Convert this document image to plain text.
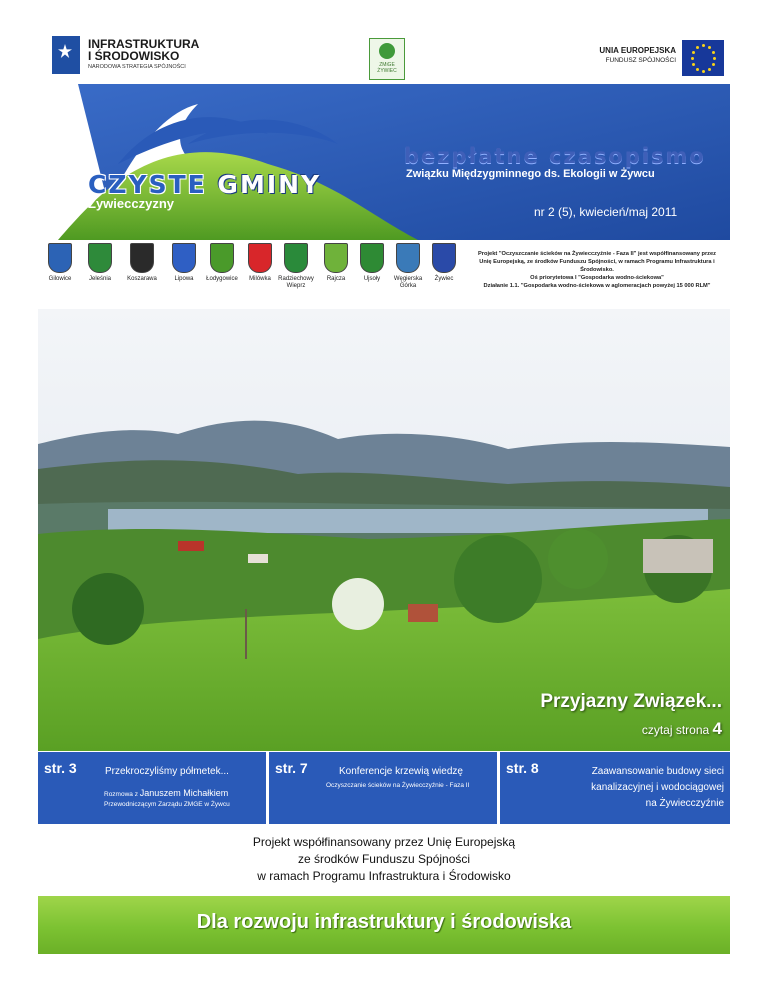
INFRASTRUKTURA
I ŚRODOWISKO
NARODOWA STRATEGIA SPÓJNOŚCI	ZMiGE ŻYWIEC
UNIA EUROPEJSKA
FUNDUSZ SPÓJNOŚCI
ISSN 2082-713X CZYSTE GMINY
Żywiecczyzny
bezpłatne czasopismo
Związku Międzygminnego ds. Ekologii w Żywcu
nr 2 (5), kwiecień/maj 2011
Gilowice	Jeleśnia	Koszarawa	Lipowa	Łodygowice	Milówka	Radziechowy Wieprz
Rajcza	Ujsoły	Węgierska Górka
Żywiec
Projekt "Oczyszczanie ścieków na Żywiecczyźnie - Faza II" jest współfinansowany przez
Unię Europejską, ze środków Funduszu Spójności, w ramach Programu Infrastruktura i Środowisko.
Oś priorytetowa I "Gospodarka wodno-ściekowa"
Działanie 1.1. "Gospodarka wodno-ściekowa w aglomeracjach powyżej 15 000 RLM"
Przyjazny Związek...
czytaj strona 4
str. 3	Przekroczyliśmy półmetek...
Rozmowa z Januszem Michałkiem
Przewodniczącym Zarządu ZMGE w Żywcu
str. 7	Konferencje krzewią wiedzę
Oczyszczanie ścieków na Żywiecczyźnie - Faza II
str. 8	Zaawansowanie budowy sieci
kanalizacyjnej i wodociągowej
na Żywiecczyźnie
Projekt współfinansowany przez Unię Europejską
ze środków Funduszu Spójności
w ramach Programu Infrastruktura i Środowisko
Dla rozwoju infrastruktury i środowiska
